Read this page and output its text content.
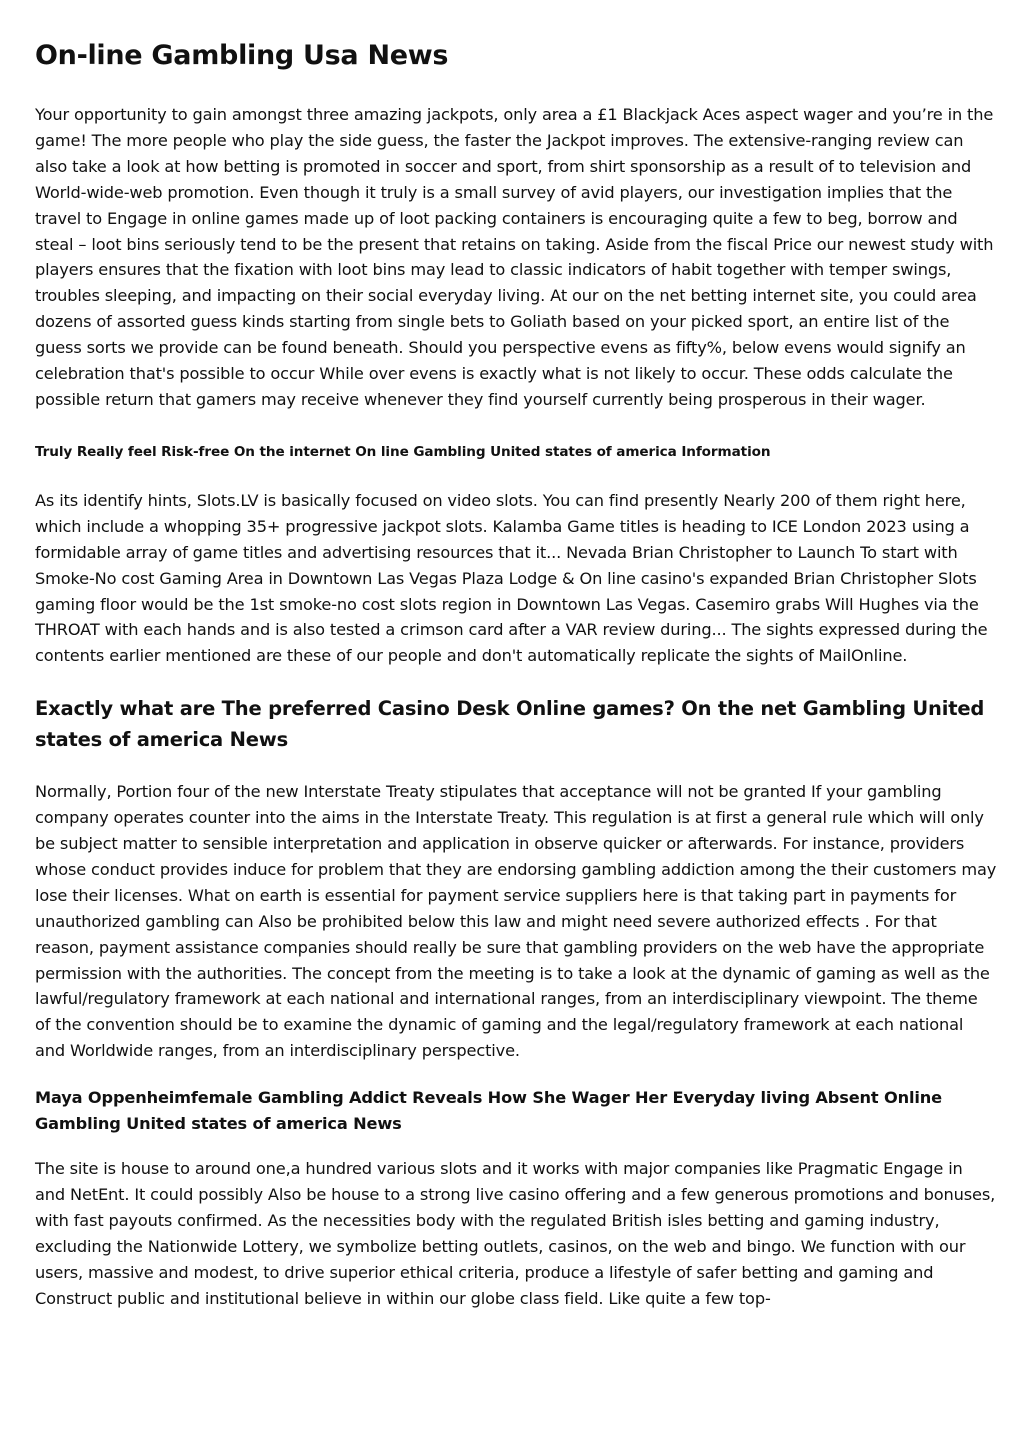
On-line Gambling Usa News

Your opportunity to gain amongst three amazing jackpots, only area a £1 Blackjack Aces aspect wager and you’re in the game! The more people who play the side guess, the faster the Jackpot improves. The extensive-ranging review can also take a look at how betting is promoted in soccer and sport, from shirt sponsorship as a result of to television and World-wide-web promotion. Even though it truly is a small survey of avid players, our investigation implies that the travel to Engage in online games made up of loot packing containers is encouraging quite a few to beg, borrow and steal – loot bins seriously tend to be the present that retains on taking. Aside from the fiscal Price our newest study with players ensures that the fixation with loot bins may lead to classic indicators of habit together with temper swings, troubles sleeping, and impacting on their social everyday living. At our on the net betting internet site, you could area dozens of assorted guess kinds starting from single bets to Goliath based on your picked sport, an entire list of the guess sorts we provide can be found beneath. Should you perspective evens as fifty%, below evens would signify an celebration that's possible to occur While over evens is exactly what is not likely to occur. These odds calculate the possible return that gamers may receive whenever they find yourself currently being prosperous in their wager.

Truly Really feel Risk-free On the internet On line Gambling United states of america Information

As its identify hints, Slots.LV is basically focused on video slots. You can find presently Nearly 200 of them right here, which include a whopping 35+ progressive jackpot slots. Kalamba Game titles is heading to ICE London 2023 using a formidable array of game titles and advertising resources that it... Nevada Brian Christopher to Launch To start with Smoke-No cost Gaming Area in Downtown Las Vegas Plaza Lodge & On line casino's expanded Brian Christopher Slots gaming floor would be the 1st smoke-no cost slots region in Downtown Las Vegas. Casemiro grabs Will Hughes via the THROAT with each hands and is also tested a crimson card after a VAR review during... The sights expressed during the contents earlier mentioned are these of our people and don't automatically replicate the sights of MailOnline.

Exactly what are The preferred Casino Desk Online games? On the net Gambling United states of america News

Normally, Portion four of the new Interstate Treaty stipulates that acceptance will not be granted If your gambling company operates counter into the aims in the Interstate Treaty. This regulation is at first a general rule which will only be subject matter to sensible interpretation and application in observe quicker or afterwards. For instance, providers whose conduct provides induce for problem that they are endorsing gambling addiction among the their customers may lose their licenses. What on earth is essential for payment service suppliers here is that taking part in payments for unauthorized gambling can Also be prohibited below this law and might need severe authorized effects . For that reason, payment assistance companies should really be sure that gambling providers on the web have the appropriate permission with the authorities. The concept from the meeting is to take a look at the dynamic of gaming as well as the lawful/regulatory framework at each national and international ranges, from an interdisciplinary viewpoint. The theme of the convention should be to examine the dynamic of gaming and the legal/regulatory framework at each national and Worldwide ranges, from an interdisciplinary perspective.

Maya Oppenheimfemale Gambling Addict Reveals How She Wager Her Everyday living Absent Online Gambling United states of america News

The site is house to around one,a hundred various slots and it works with major companies like Pragmatic Engage in and NetEnt. It could possibly Also be house to a strong live casino offering and a few generous promotions and bonuses, with fast payouts confirmed. As the necessities body with the regulated British isles betting and gaming industry, excluding the Nationwide Lottery, we symbolize betting outlets, casinos, on the web and bingo. We function with our users, massive and modest, to drive superior ethical criteria, produce a lifestyle of safer betting and gaming and Construct public and institutional believe in within our globe class field. Like quite a few top-
